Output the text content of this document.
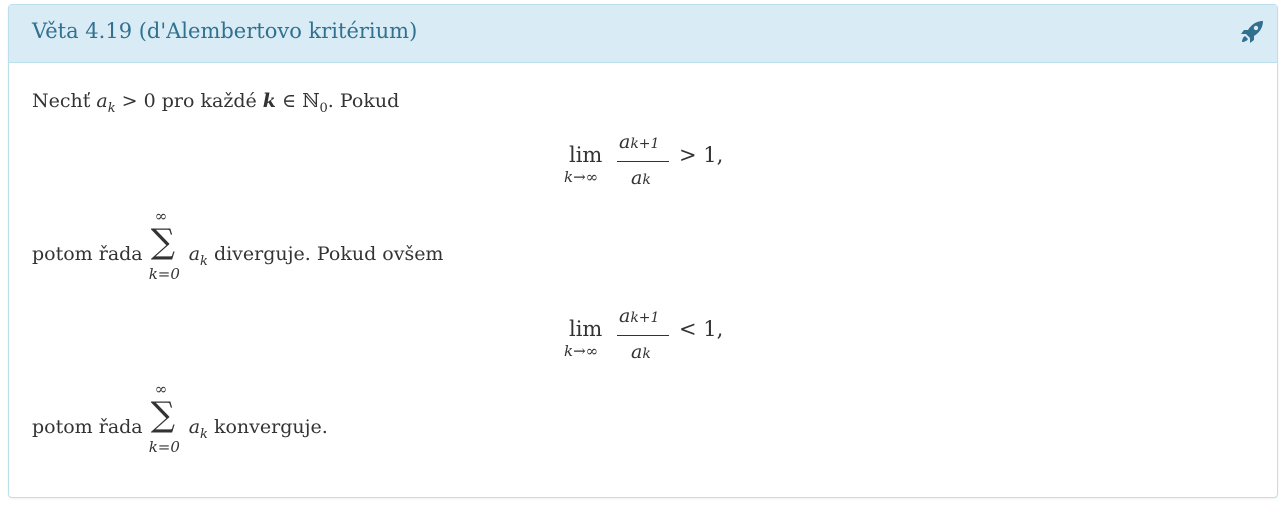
Věta 4.19 (d'Alembertovo kritérium)
Nechť $a_k > 0$ pro každé k ∈ ℕ$_0$. Pokud
lim
k→∞
ak+1
ak
> 1,
potom řada
∞
∑
k=0
$a_k$ diverguje. Pokud ovšem
lim
k→∞
ak+1
ak
< 1,
potom řada
∞
∑
k=0
$a_k$ konverguje.
